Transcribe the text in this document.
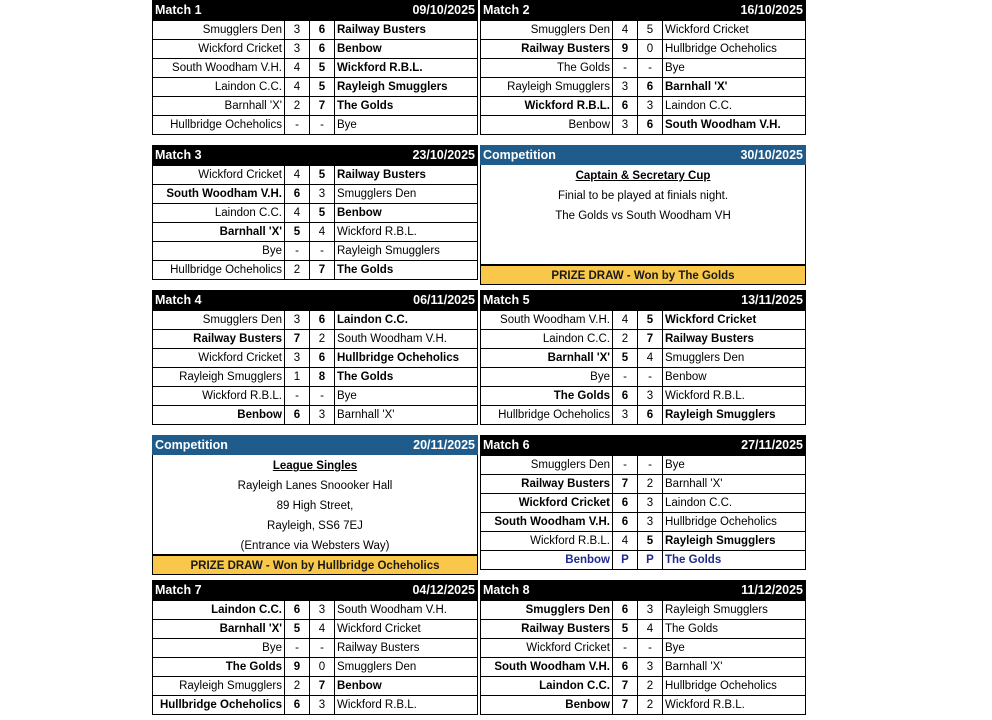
Match 1	09/10/2025
Smugglers Den	3	6	Railway Busters
Wickford Cricket	3	6	Benbow
South Woodham V.H.	4	5	Wickford R.B.L.
Laindon C.C.	4	5	Rayleigh Smugglers
Barnhall 'X'	2	7	The Golds
Hullbridge Ocheholics	-	-	Bye
Match 2	16/10/2025
Smugglers Den	4	5	Wickford Cricket
Railway Busters	9	0	Hullbridge Ocheholics
The Golds	-	-	Bye
Rayleigh Smugglers	3	6	Barnhall 'X'
Wickford R.B.L.	6	3	Laindon C.C.
Benbow	3	6	South Woodham V.H.
Match 3	23/10/2025
Wickford Cricket	4	5	Railway Busters
South Woodham V.H.	6	3	Smugglers Den
Laindon C.C.	4	5	Benbow
Barnhall 'X'	5	4	Wickford R.B.L.
Bye	-	-	Rayleigh Smugglers
Hullbridge Ocheholics	2	7	The Golds
Competition	30/10/2025
Captain & Secretary Cup
Finial to be played at finials night.
The Golds vs South Woodham VH
PRIZE DRAW - Won by The Golds
Match 4	06/11/2025
Smugglers Den	3	6	Laindon C.C.
Railway Busters	7	2	South Woodham V.H.
Wickford Cricket	3	6	Hullbridge Ocheholics
Rayleigh Smugglers	1	8	The Golds
Wickford R.B.L.	-	-	Bye
Benbow	6	3	Barnhall 'X'
Match 5	13/11/2025
South Woodham V.H.	4	5	Wickford Cricket
Laindon C.C.	2	7	Railway Busters
Barnhall 'X'	5	4	Smugglers Den
Bye	-	-	Benbow
The Golds	6	3	Wickford R.B.L.
Hullbridge Ocheholics	3	6	Rayleigh Smugglers
Competition	20/11/2025
League Singles
Rayleigh Lanes Snoooker Hall
89 High Street,
Rayleigh, SS6 7EJ
(Entrance via Websters Way)
PRIZE DRAW - Won by Hullbridge Ocheholics
Match 6	27/11/2025
Smugglers Den	-	-	Bye
Railway Busters	7	2	Barnhall 'X'
Wickford Cricket	6	3	Laindon C.C.
South Woodham V.H.	6	3	Hullbridge Ocheholics
Wickford R.B.L.	4	5	Rayleigh Smugglers
Benbow	P	P	The Golds
Match 7	04/12/2025
Laindon C.C.	6	3	South Woodham V.H.
Barnhall 'X'	5	4	Wickford Cricket
Bye	-	-	Railway Busters
The Golds	9	0	Smugglers Den
Rayleigh Smugglers	2	7	Benbow
Hullbridge Ocheholics	6	3	Wickford R.B.L.
Match 8	11/12/2025
Smugglers Den	6	3	Rayleigh Smugglers
Railway Busters	5	4	The Golds
Wickford Cricket	-	-	Bye
South Woodham V.H.	6	3	Barnhall 'X'
Laindon C.C.	7	2	Hullbridge Ocheholics
Benbow	7	2	Wickford R.B.L.
